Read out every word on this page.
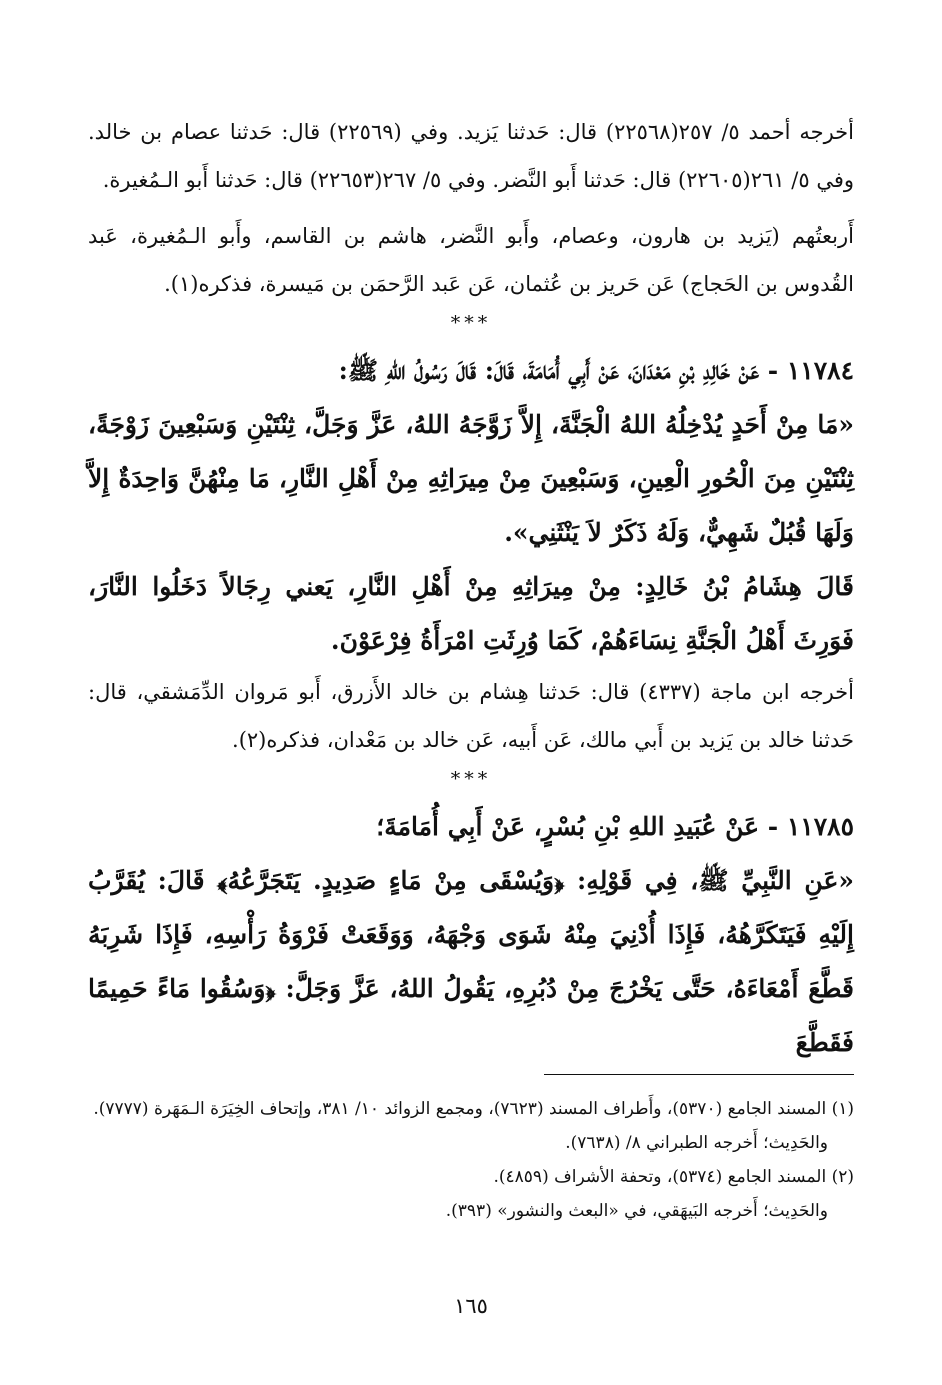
أخرجه أحمد ٥/ ٢٥٧(٢٢٥٦٨) قال: حَدثنا يَزيد. وفي (٢٢٥٦٩) قال: حَدثنا عصام بن خالد. وفي ٥/ ٢٦١(٢٢٦٠٥) قال: حَدثنا أَبو النَّضر. وفي ٥/ ٢٦٧(٢٢٦٥٣) قال: حَدثنا أَبو الـمُغيرة.

أَربعتُهم (يَزيد بن هارون، وعصام، وأَبو النَّضر، هاشم بن القاسم، وأَبو الـمُغيرة، عَبد القُدوس بن الحَجاج) عَن حَريز بن عُثمان، عَن عَبد الرَّحمَن بن مَيسرة، فذكره(١).

***

١١٧٨٤ - عَنْ خَالِدِ بْنِ مَعْدَانَ، عَنْ أَبِي أُمَامَةَ، قَالَ: قَالَ رَسُولُ اللهِ ﷺ:

«مَا مِنْ أَحَدٍ يُدْخِلُهُ اللهُ الْجَنَّةَ، إِلاَّ زَوَّجَهُ اللهُ، عَزَّ وَجَلَّ، ثِنْتَيْنِ وَسَبْعِينَ زَوْجَةً، ثِنْتَيْنِ مِنَ الْحُورِ الْعِينِ، وَسَبْعِينَ مِنْ مِيرَاثِهِ مِنْ أَهْلِ النَّارِ، مَا مِنْهُنَّ وَاحِدَةٌ إِلاَّ وَلَهَا قُبُلٌ شَهِيٌّ، وَلَهُ ذَكَرٌ لاَ يَنْثَنِي».

قَالَ هِشَامُ بْنُ خَالِدٍ: مِنْ مِيرَاثِهِ مِنْ أَهْلِ النَّارِ، يَعني رِجَالاً دَخَلُوا النَّارَ، فَوَرِثَ أَهْلُ الْجَنَّةِ نِسَاءَهُمْ، كَمَا وُرِثَتِ امْرَأَةُ فِرْعَوْنَ.

أخرجه ابن ماجة (٤٣٣٧) قال: حَدثنا هِشام بن خالد الأَزرق، أَبو مَروان الدِّمَشقي، قال: حَدثنا خالد بن يَزيد بن أَبي مالك، عَن أَبيه، عَن خالد بن مَعْدان، فذكره(٢).

***

١١٧٨٥ - عَنْ عُبَيدِ اللهِ بْنِ بُسْرٍ، عَنْ أَبِي أُمَامَةَ؛

«عَنِ النَّبِيِّ ﷺ، فِي قَوْلِهِ: ﴿وَيُسْقَى مِنْ مَاءٍ صَدِيدٍ. يَتَجَرَّعُهُ﴾ قَالَ: يُقَرَّبُ إِلَيْهِ فَيَتَكَرَّهُهُ، فَإِذَا أُدْنِيَ مِنْهُ شَوَى وَجْهَهُ، وَوَقَعَتْ فَرْوَةُ رَأْسِهِ، فَإِذَا شَرِبَهُ قَطَّعَ أَمْعَاءَهُ، حَتَّى يَخْرُجَ مِنْ دُبُرِهِ، يَقُولُ اللهُ، عَزَّ وَجَلَّ: ﴿وَسُقُوا مَاءً حَمِيمًا فَقَطَّعَ

(١) المسند الجامع (٥٣٧٠)، وأَطراف المسند (٧٦٢٣)، ومجمع الزوائد ١٠/ ٣٨١، وإتحاف الخِيَرَة الـمَهَرة (٧٧٧٧).

والحَدِيث؛ أَخرجه الطبراني ٨/ (٧٦٣٨).

(٢) المسند الجامع (٥٣٧٤)، وتحفة الأشراف (٤٨٥٩).

والحَدِيث؛ أَخرجه البَيهَقي، في «البعث والنشور» (٣٩٣).

١٦٥
